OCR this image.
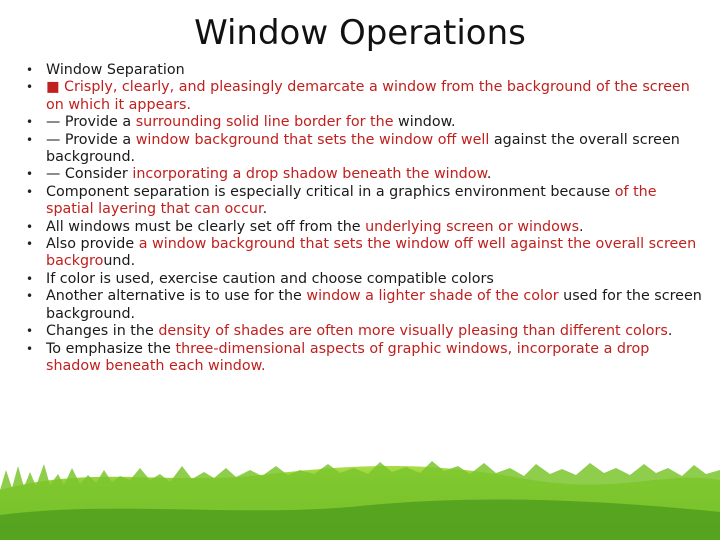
Window Operations
• Window Separation
• ■ Crisply, clearly, and pleasingly demarcate a window from the background of the screen on which it appears.
• — Provide a surrounding solid line border for the window.
• — Provide a window background that sets the window off well against the overall screen background.
• — Consider incorporating a drop shadow beneath the window.
• Component separation is especially critical in a graphics environment because of the spatial layering that can occur.
• All windows must be clearly set off from the underlying screen or windows.
• Also provide a window background that sets the window off well against the overall screen background.
• If color is used, exercise caution and choose compatible colors
• Another alternative is to use for the window a lighter shade of the color used for the screen background.
• Changes in the density of shades are often more visually pleasing than different colors.
• To emphasize the three-dimensional aspects of graphic windows, incorporate a drop shadow beneath each window.
